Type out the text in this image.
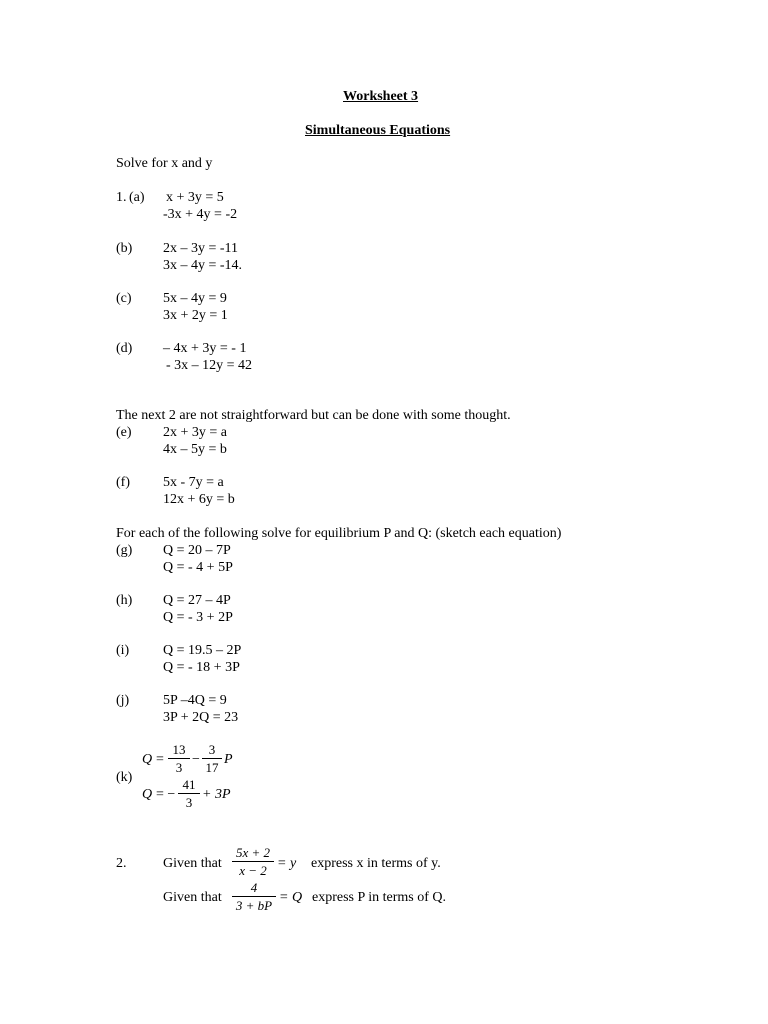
Worksheet 3
Simultaneous Equations
Solve for x and y
1. (a) x + 3y = 5
-3x + 4y = -2
(b) 2x – 3y = -11
3x – 4y = -14.
(c) 5x – 4y = 9
3x + 2y = 1
(d) – 4x + 3y = - 1
- 3x – 12y = 42
The next 2 are not straightforward but can be done with some thought.
(e) 2x + 3y = a
4x – 5y = b
(f) 5x - 7y = a
12x + 6y = b
For each of the following solve for equilibrium P and Q: (sketch each equation)
(g) Q = 20 – 7P
Q = - 4 + 5P
(h) Q = 27 – 4P
Q = - 3 + 2P
(i) Q = 19.5 – 2P
Q = - 18 + 3P
(j) 5P –4Q = 9
3P + 2Q = 23
(k)
Q =
13
3
−
3
17
P
Q = −
41
3
+ 3P
2.	Given that
5x + 2
x − 2 = y express x in terms of y.
Given that
4
3 + bP
= Q express P in terms of Q.
